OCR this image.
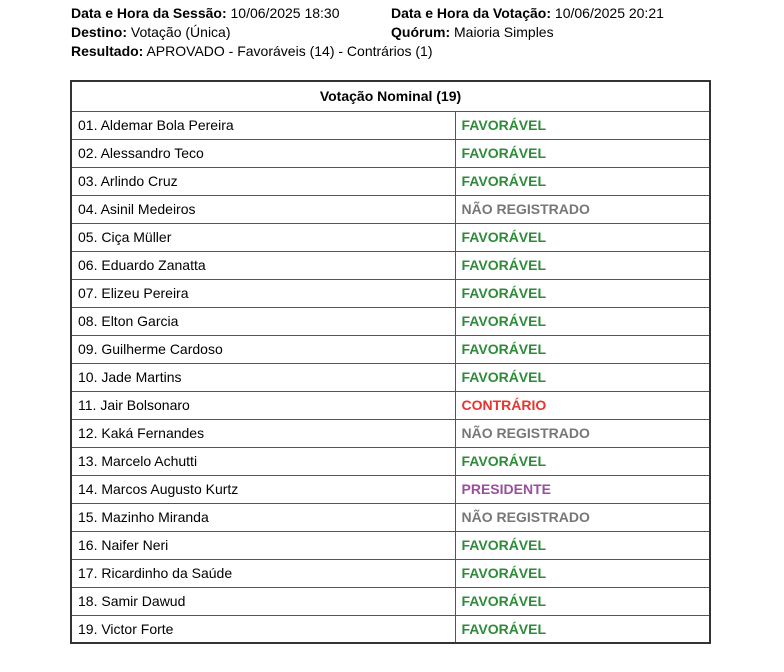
Data e Hora da Sessão: 10/06/2025 18:30	Data e Hora da Votação: 10/06/2025 20:21
Destino: Votação (Única)	Quórum: Maioria Simples
Resultado: APROVADO - Favoráveis (14) - Contrários (1)
Votação Nominal (19)	
01. Aldemar Bola Pereira	FAVORÁVEL
02. Alessandro Teco	FAVORÁVEL
03. Arlindo Cruz	FAVORÁVEL
04. Asinil Medeiros	NÃO REGISTRADO
05. Ciça Müller	FAVORÁVEL
06. Eduardo Zanatta	FAVORÁVEL
07. Elizeu Pereira	FAVORÁVEL
08. Elton Garcia	FAVORÁVEL
09. Guilherme Cardoso	FAVORÁVEL
10. Jade Martins	FAVORÁVEL
11. Jair Bolsonaro	CONTRÁRIO
12. Kaká Fernandes	NÃO REGISTRADO
13. Marcelo Achutti	FAVORÁVEL
14. Marcos Augusto Kurtz	PRESIDENTE
15. Mazinho Miranda	NÃO REGISTRADO
16. Naifer Neri	FAVORÁVEL
17. Ricardinho da Saúde	FAVORÁVEL
18. Samir Dawud	FAVORÁVEL
19. Victor Forte	FAVORÁVEL
